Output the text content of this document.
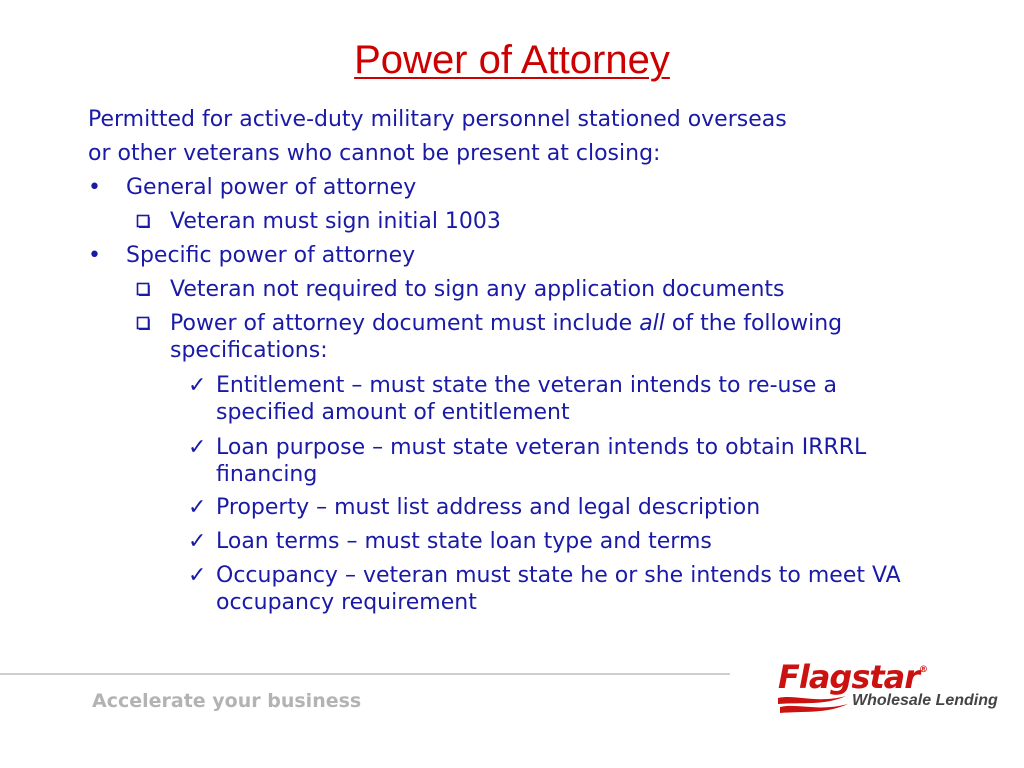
Power of Attorney
Permitted for active-duty military personnel stationed overseas
or other veterans who cannot be present at closing:
• General power of attorney
Veteran must sign initial 1003
• Specific power of attorney
Veteran not required to sign any application documents
Power of attorney document must include all of the following specifications:
✓ Entitlement – must state the veteran intends to re-use a specified amount of entitlement
✓ Loan purpose – must state veteran intends to obtain IRRRL financing
✓ Property – must list address and legal description
✓ Loan terms – must state loan type and terms
✓ Occupancy – veteran must state he or she intends to meet VA occupancy requirement
Accelerate your business
Flagstar®
Wholesale Lending
